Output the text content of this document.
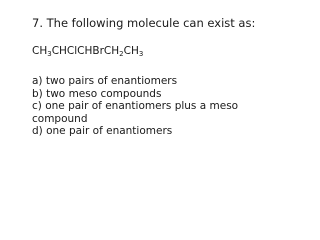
7. The following molecule can exist as:

$CH_3CHClCHBrCH_2CH_3$

a) two pairs of enantiomers
b) two meso compounds
c) one pair of enantiomers plus a meso compound
d) one pair of enantiomers
